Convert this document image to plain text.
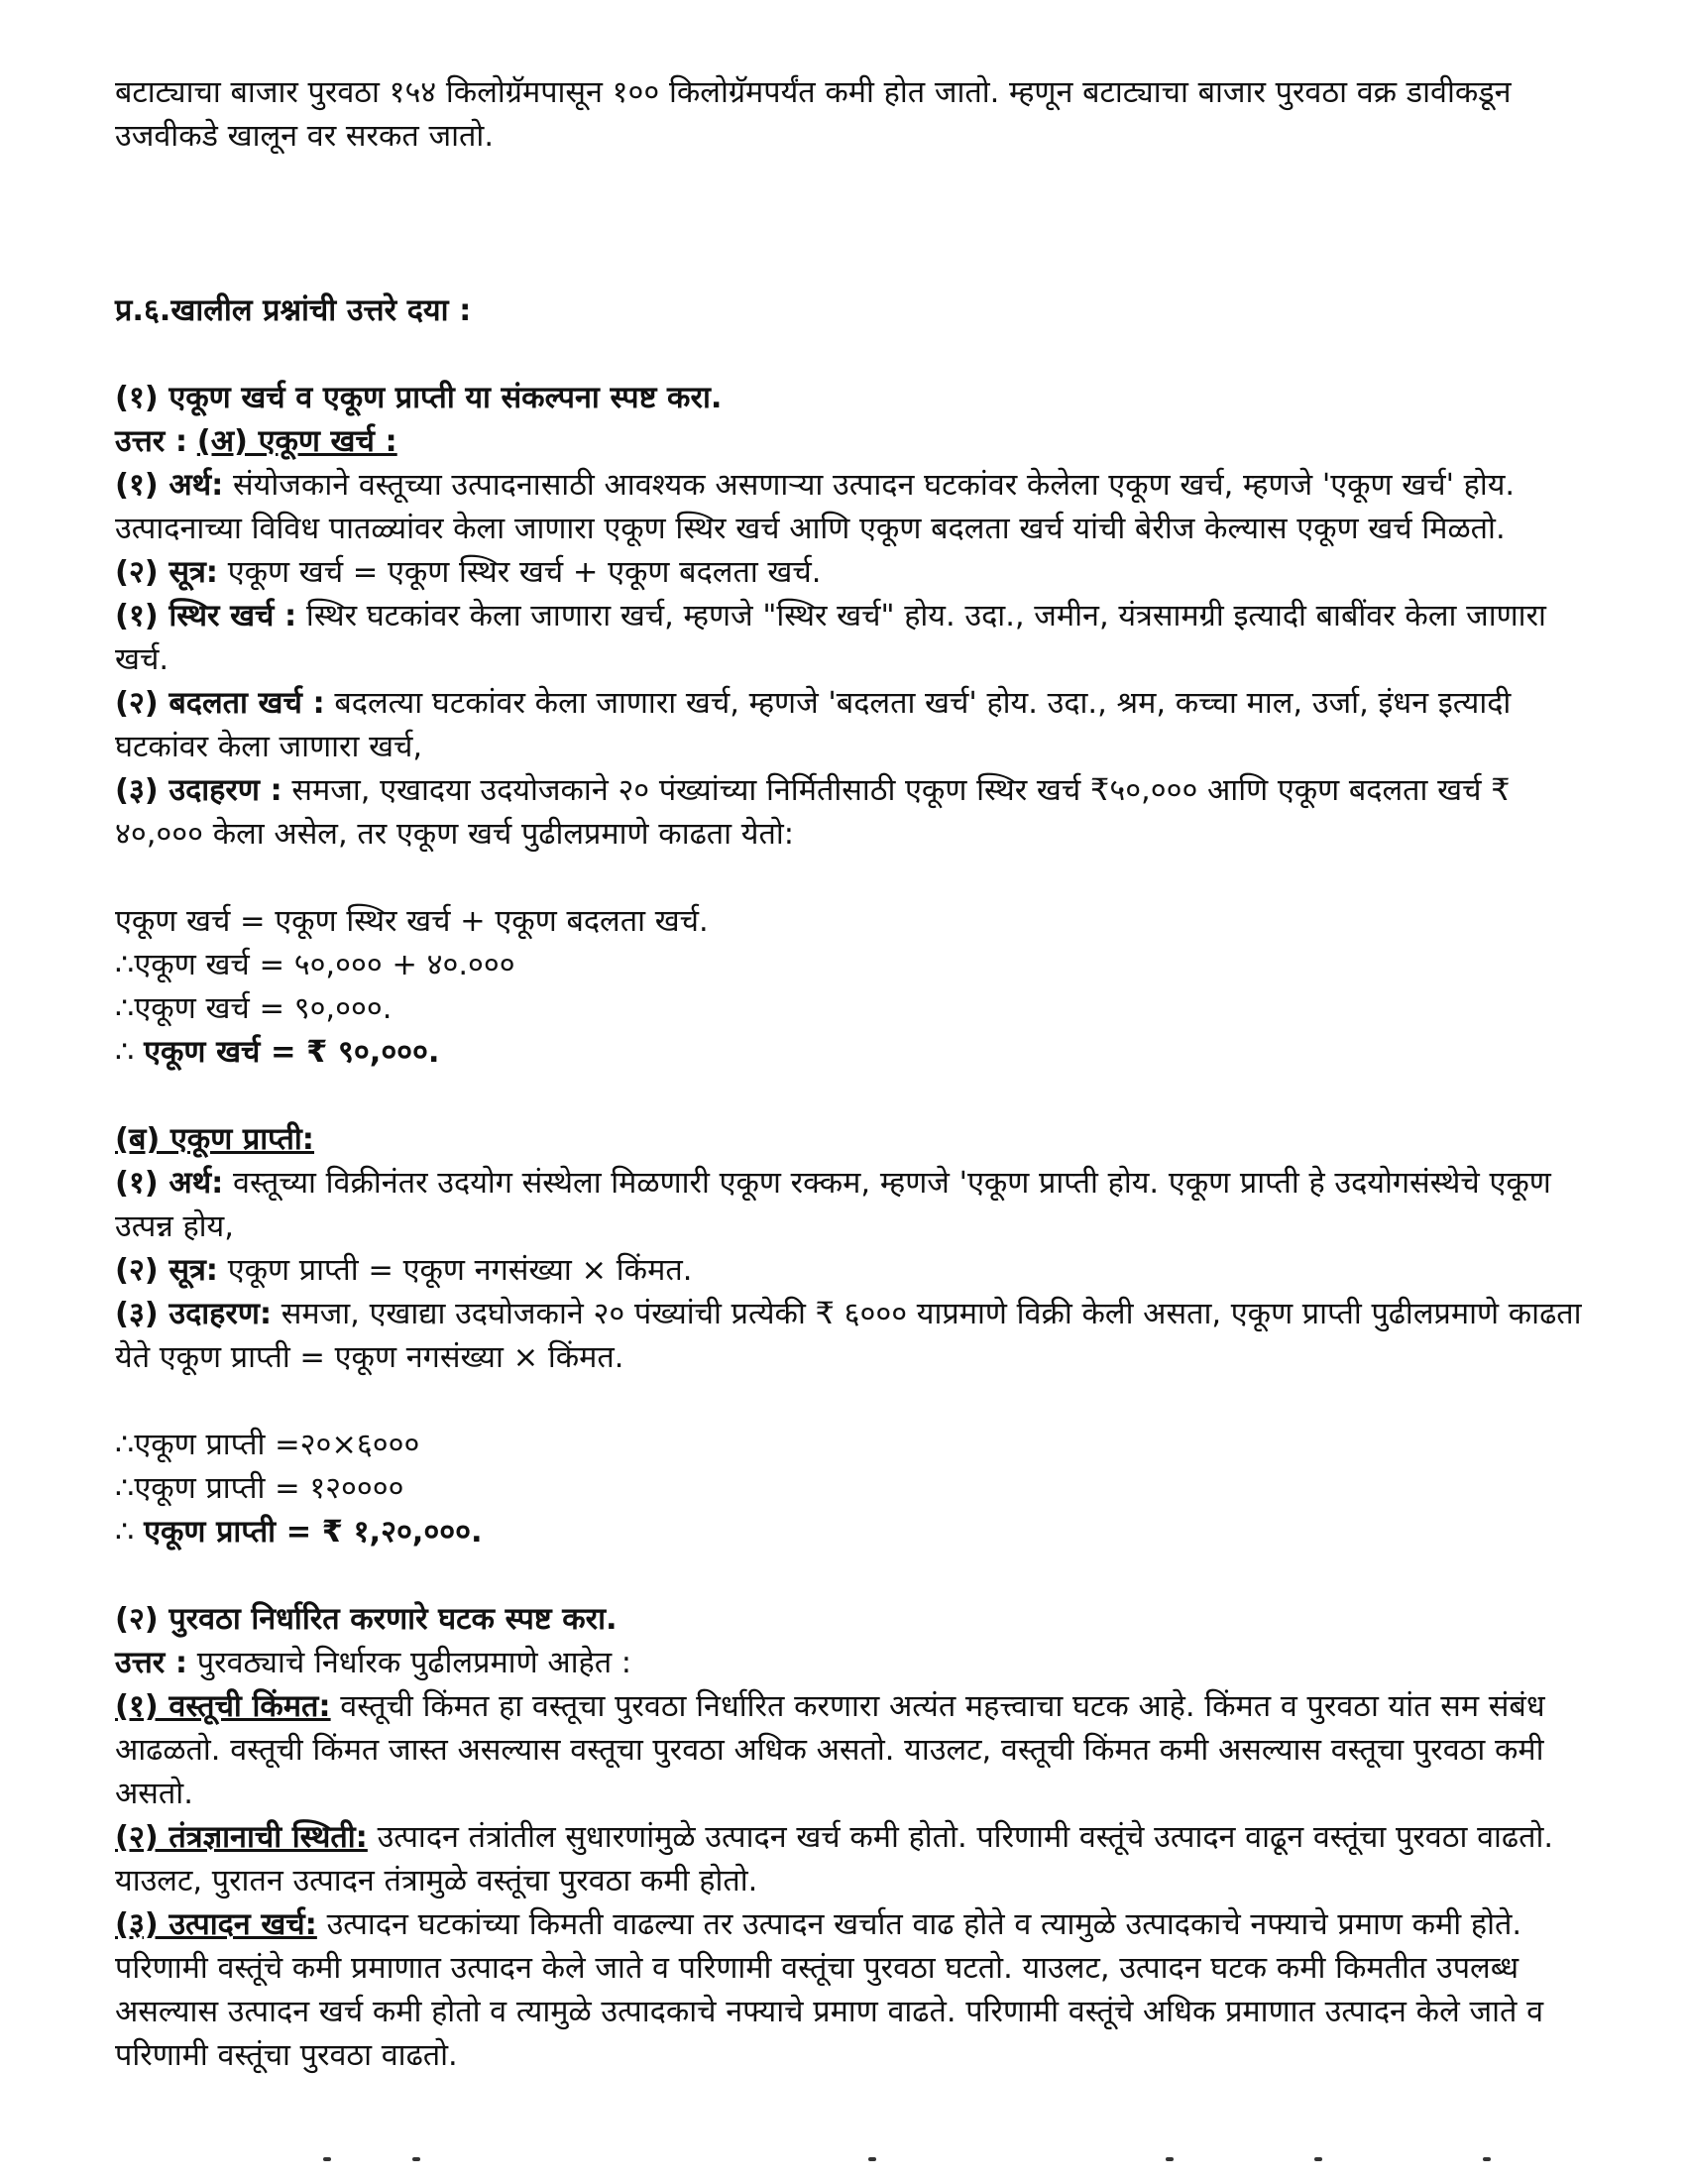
बटाट्याचा बाजार पुरवठा १५४ किलोग्रॅमपासून १०० किलोग्रॅमपर्यंत कमी होत जातो. म्हणून बटाट्याचा बाजार पुरवठा वक्र डावीकडून उजवीकडे खालून वर सरकत जातो.

प्र.६.खालील प्रश्नांची उत्तरे दया :

(१) एकूण खर्च व एकूण प्राप्ती या संकल्पना स्पष्ट करा.

उत्तर : (अ) एकूण खर्च :

(१) अर्थ: संयोजकाने वस्तूच्या उत्पादनासाठी आवश्यक असणाऱ्या उत्पादन घटकांवर केलेला एकूण खर्च, म्हणजे 'एकूण खर्च' होय. उत्पादनाच्या विविध पातळ्यांवर केला जाणारा एकूण स्थिर खर्च आणि एकूण बदलता खर्च यांची बेरीज केल्यास एकूण खर्च मिळतो.

(२) सूत्र: एकूण खर्च = एकूण स्थिर खर्च + एकूण बदलता खर्च.

(१) स्थिर खर्च : स्थिर घटकांवर केला जाणारा खर्च, म्हणजे "स्थिर खर्च" होय. उदा., जमीन, यंत्रसामग्री इत्यादी बाबींवर केला जाणारा खर्च.

(२) बदलता खर्च : बदलत्या घटकांवर केला जाणारा खर्च, म्हणजे 'बदलता खर्च' होय. उदा., श्रम, कच्चा माल, उर्जा, इंधन इत्यादी घटकांवर केला जाणारा खर्च,

(३) उदाहरण : समजा, एखादया उदयोजकाने २० पंख्यांच्या निर्मितीसाठी एकूण स्थिर खर्च ₹५०,००० आणि एकूण बदलता खर्च ₹ ४०,००० केला असेल, तर एकूण खर्च पुढीलप्रमाणे काढता येतो:

एकूण खर्च = एकूण स्थिर खर्च + एकूण बदलता खर्च.

∴एकूण खर्च = ५०,००० + ४०.०००

∴एकूण खर्च = ९०,०००.

∴ एकूण खर्च = ₹ ९०,०००.

(ब) एकूण प्राप्ती:

(१) अर्थ: वस्तूच्या विक्रीनंतर उदयोग संस्थेला मिळणारी एकूण रक्कम, म्हणजे 'एकूण प्राप्ती होय. एकूण प्राप्ती हे उदयोगसंस्थेचे एकूण उत्पन्न होय,

(२) सूत्र: एकूण प्राप्ती = एकूण नगसंख्या × किंमत.

(३) उदाहरण: समजा, एखाद्या उदघोजकाने २० पंख्यांची प्रत्येकी ₹ ६००० याप्रमाणे विक्री केली असता, एकूण प्राप्ती पुढीलप्रमाणे काढता येते एकूण प्राप्ती = एकूण नगसंख्या × किंमत.

∴एकूण प्राप्ती =२०×६०००

∴एकूण प्राप्ती = १२००००

∴ एकूण प्राप्ती = ₹ १,२०,०००.

(२) पुरवठा निर्धारित करणारे घटक स्पष्ट करा.

उत्तर : पुरवठ्याचे निर्धारक पुढीलप्रमाणे आहेत :

(१) वस्तूची किंमत: वस्तूची किंमत हा वस्तूचा पुरवठा निर्धारित करणारा अत्यंत महत्त्वाचा घटक आहे. किंमत व पुरवठा यांत सम संबंध आढळतो. वस्तूची किंमत जास्त असल्यास वस्तूचा पुरवठा अधिक असतो. याउलट, वस्तूची किंमत कमी असल्यास वस्तूचा पुरवठा कमी असतो.

(२) तंत्रज्ञानाची स्थिती: उत्पादन तंत्रांतील सुधारणांमुळे उत्पादन खर्च कमी होतो. परिणामी वस्तूंचे उत्पादन वाढून वस्तूंचा पुरवठा वाढतो. याउलट, पुरातन उत्पादन तंत्रामुळे वस्तूंचा पुरवठा कमी होतो.

(३) उत्पादन खर्च: उत्पादन घटकांच्या किमती वाढल्या तर उत्पादन खर्चात वाढ होते व त्यामुळे उत्पादकाचे नफ्याचे प्रमाण कमी होते. परिणामी वस्तूंचे कमी प्रमाणात उत्पादन केले जाते व परिणामी वस्तूंचा पुरवठा घटतो. याउलट, उत्पादन घटक कमी किमतीत उपलब्ध असल्यास उत्पादन खर्च कमी होतो व त्यामुळे उत्पादकाचे नफ्याचे प्रमाण वाढते. परिणामी वस्तूंचे अधिक प्रमाणात उत्पादन केले जाते व परिणामी वस्तूंचा पुरवठा वाढतो.
